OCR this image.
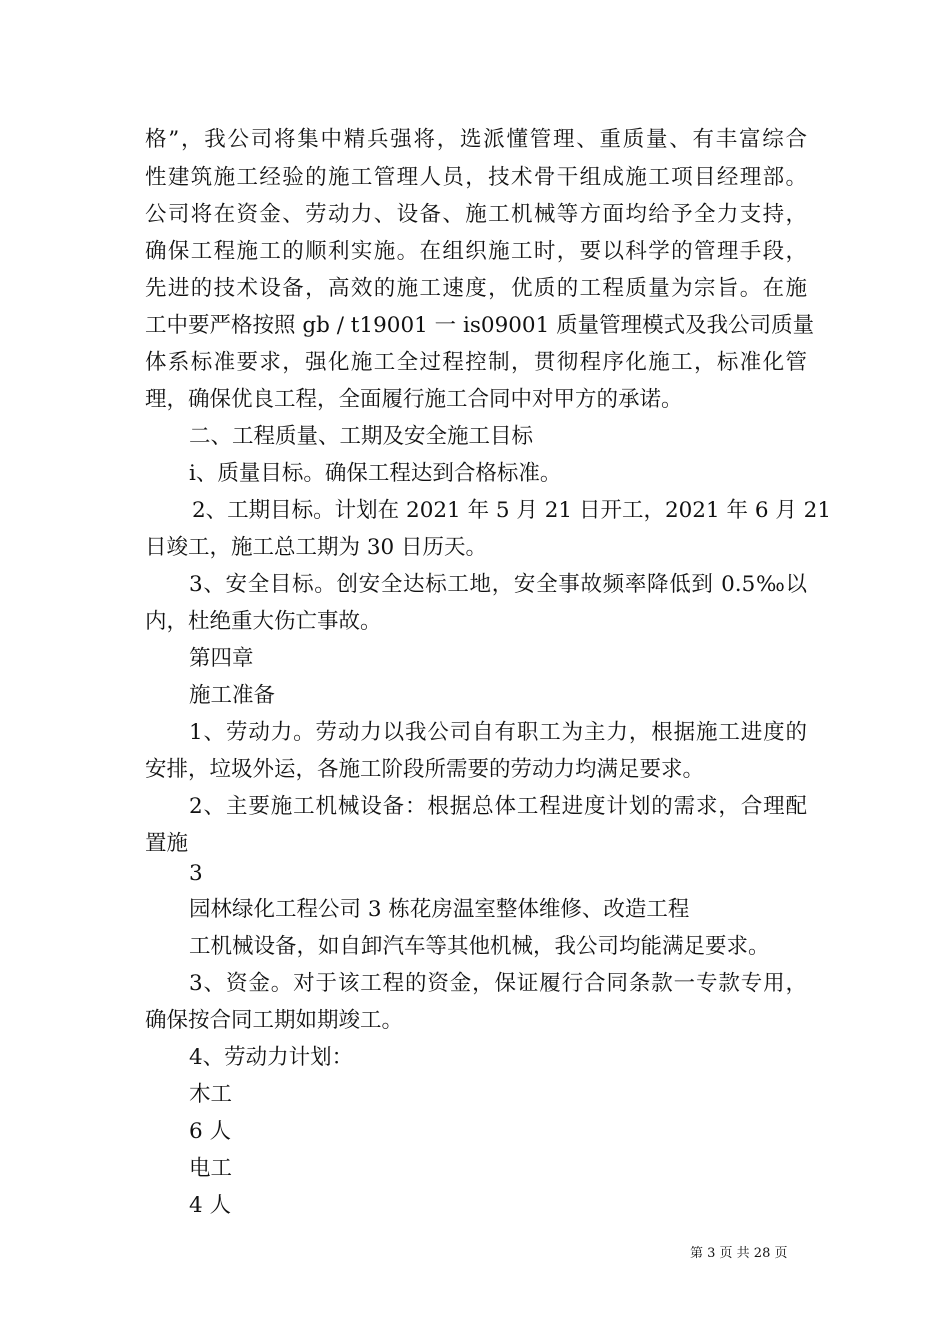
格”，我公司将集中精兵强将，选派懂管理、重质量、有丰富综合
性建筑施工经验的施工管理人员，技术骨干组成施工项目经理部。
公司将在资金、劳动力、设备、施工机械等方面均给予全力支持，
确保工程施工的顺利实施。在组织施工时，要以科学的管理手段，
先进的技术设备，高效的施工速度，优质的工程质量为宗旨。在施
工中要严格按照 gb / t19001 一 is09001 质量管理模式及我公司质量
体系标准要求，强化施工全过程控制，贯彻程序化施工，标准化管
理，确保优良工程，全面履行施工合同中对甲方的承诺。
二、工程质量、工期及安全施工目标
i、质量目标。确保工程达到合格标准。
2、工期目标。计划在 2021 年 5 月 21 日开工，2021 年 6 月 21
日竣工，施工总工期为 30 日历天。
3、安全目标。创安全达标工地，安全事故频率降低到 0.5‰以
内，杜绝重大伤亡事故。
第四章
施工准备
1、劳动力。劳动力以我公司自有职工为主力，根据施工进度的
安排，垃圾外运，各施工阶段所需要的劳动力均满足要求。
2、主要施工机械设备：根据总体工程进度计划的需求，合理配
置施
3
园林绿化工程公司 3 栋花房温室整体维修、改造工程
工机械设备，如自卸汽车等其他机械，我公司均能满足要求。
3、资金。对于该工程的资金，保证履行合同条款一专款专用，
确保按合同工期如期竣工。
4、劳动力计划：
木工
6 人
电工
4 人
第 3 页 共 28 页
